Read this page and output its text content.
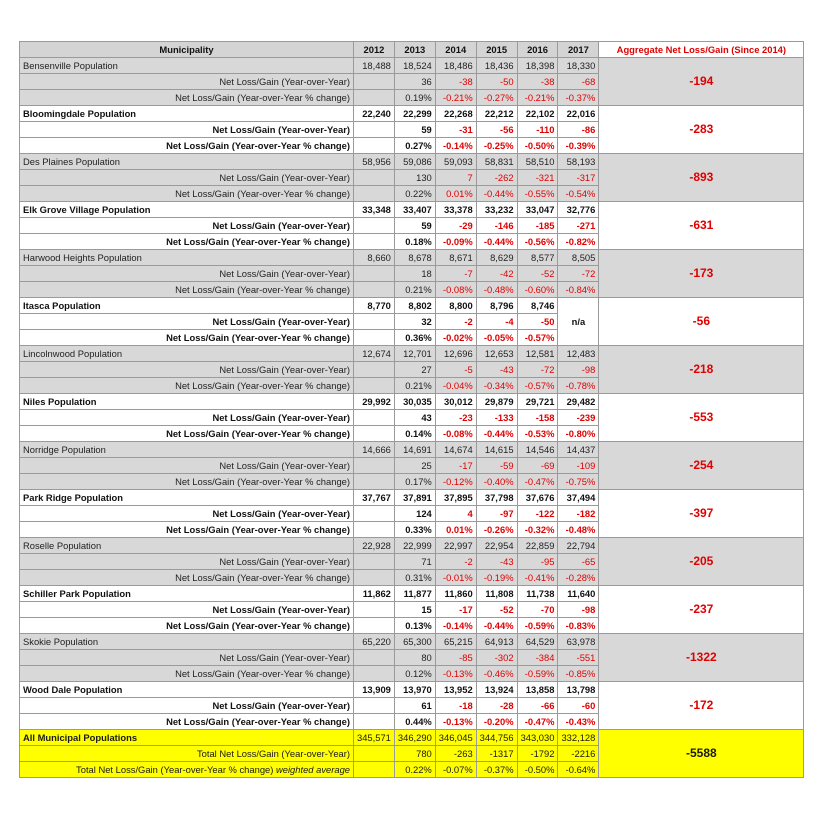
Municipality	2012	2013	2014	2015	2016	2017	Aggregate Net Loss/Gain (Since 2014)
Bensenville Population	18,488	18,524	18,486	18,436	18,398	18,330	-194
Net Loss/Gain (Year-over-Year)		36	-38	-50	-38	-68	
Net Loss/Gain (Year-over-Year % change)		0.19%	-0.21%	-0.27%	-0.21%	-0.37%	
Bloomingdale Population	22,240	22,299	22,268	22,212	22,102	22,016	-283
Net Loss/Gain (Year-over-Year)		59	-31	-56	-110	-86	
Net Loss/Gain (Year-over-Year % change)		0.27%	-0.14%	-0.25%	-0.50%	-0.39%	
Des Plaines Population	58,956	59,086	59,093	58,831	58,510	58,193	-893
Net Loss/Gain (Year-over-Year)		130	7	-262	-321	-317	
Net Loss/Gain (Year-over-Year % change)		0.22%	0.01%	-0.44%	-0.55%	-0.54%	
Elk Grove Village Population	33,348	33,407	33,378	33,232	33,047	32,776	-631
Net Loss/Gain (Year-over-Year)		59	-29	-146	-185	-271	
Net Loss/Gain (Year-over-Year % change)		0.18%	-0.09%	-0.44%	-0.56%	-0.82%	
Harwood Heights Population	8,660	8,678	8,671	8,629	8,577	8,505	-173
Net Loss/Gain (Year-over-Year)		18	-7	-42	-52	-72	
Net Loss/Gain (Year-over-Year % change)		0.21%	-0.08%	-0.48%	-0.60%	-0.84%	
Itasca Population	8,770	8,802	8,800	8,796	8,746	n/a	-56
Net Loss/Gain (Year-over-Year)		32	-2	-4	-50		
Net Loss/Gain (Year-over-Year % change)		0.36%	-0.02%	-0.05%	-0.57%		
Lincolnwood Population	12,674	12,701	12,696	12,653	12,581	12,483	-218
Net Loss/Gain (Year-over-Year)		27	-5	-43	-72	-98	
Net Loss/Gain (Year-over-Year % change)		0.21%	-0.04%	-0.34%	-0.57%	-0.78%	
Niles Population	29,992	30,035	30,012	29,879	29,721	29,482	-553
Net Loss/Gain (Year-over-Year)		43	-23	-133	-158	-239	
Net Loss/Gain (Year-over-Year % change)		0.14%	-0.08%	-0.44%	-0.53%	-0.80%	
Norridge Population	14,666	14,691	14,674	14,615	14,546	14,437	-254
Net Loss/Gain (Year-over-Year)		25	-17	-59	-69	-109	
Net Loss/Gain (Year-over-Year % change)		0.17%	-0.12%	-0.40%	-0.47%	-0.75%	
Park Ridge Population	37,767	37,891	37,895	37,798	37,676	37,494	-397
Net Loss/Gain (Year-over-Year)		124	4	-97	-122	-182	
Net Loss/Gain (Year-over-Year % change)		0.33%	0.01%	-0.26%	-0.32%	-0.48%	
Roselle Population	22,928	22,999	22,997	22,954	22,859	22,794	-205
Net Loss/Gain (Year-over-Year)		71	-2	-43	-95	-65	
Net Loss/Gain (Year-over-Year % change)		0.31%	-0.01%	-0.19%	-0.41%	-0.28%	
Schiller Park Population	11,862	11,877	11,860	11,808	11,738	11,640	-237
Net Loss/Gain (Year-over-Year)		15	-17	-52	-70	-98	
Net Loss/Gain (Year-over-Year % change)		0.13%	-0.14%	-0.44%	-0.59%	-0.83%	
Skokie Population	65,220	65,300	65,215	64,913	64,529	63,978	-1322
Net Loss/Gain (Year-over-Year)		80	-85	-302	-384	-551	
Net Loss/Gain (Year-over-Year % change)		0.12%	-0.13%	-0.46%	-0.59%	-0.85%	
Wood Dale Population	13,909	13,970	13,952	13,924	13,858	13,798	-172
Net Loss/Gain (Year-over-Year)		61	-18	-28	-66	-60	
Net Loss/Gain (Year-over-Year % change)		0.44%	-0.13%	-0.20%	-0.47%	-0.43%	
All Municipal Populations	345,571	346,290	346,045	344,756	343,030	332,128	-5588
Total Net Loss/Gain (Year-over-Year)		780	-263	-1317	-1792	-2216	
Total Net Loss/Gain (Year-over-Year % change) weighted average		0.22%	-0.07%	-0.37%	-0.50%	-0.64%	
